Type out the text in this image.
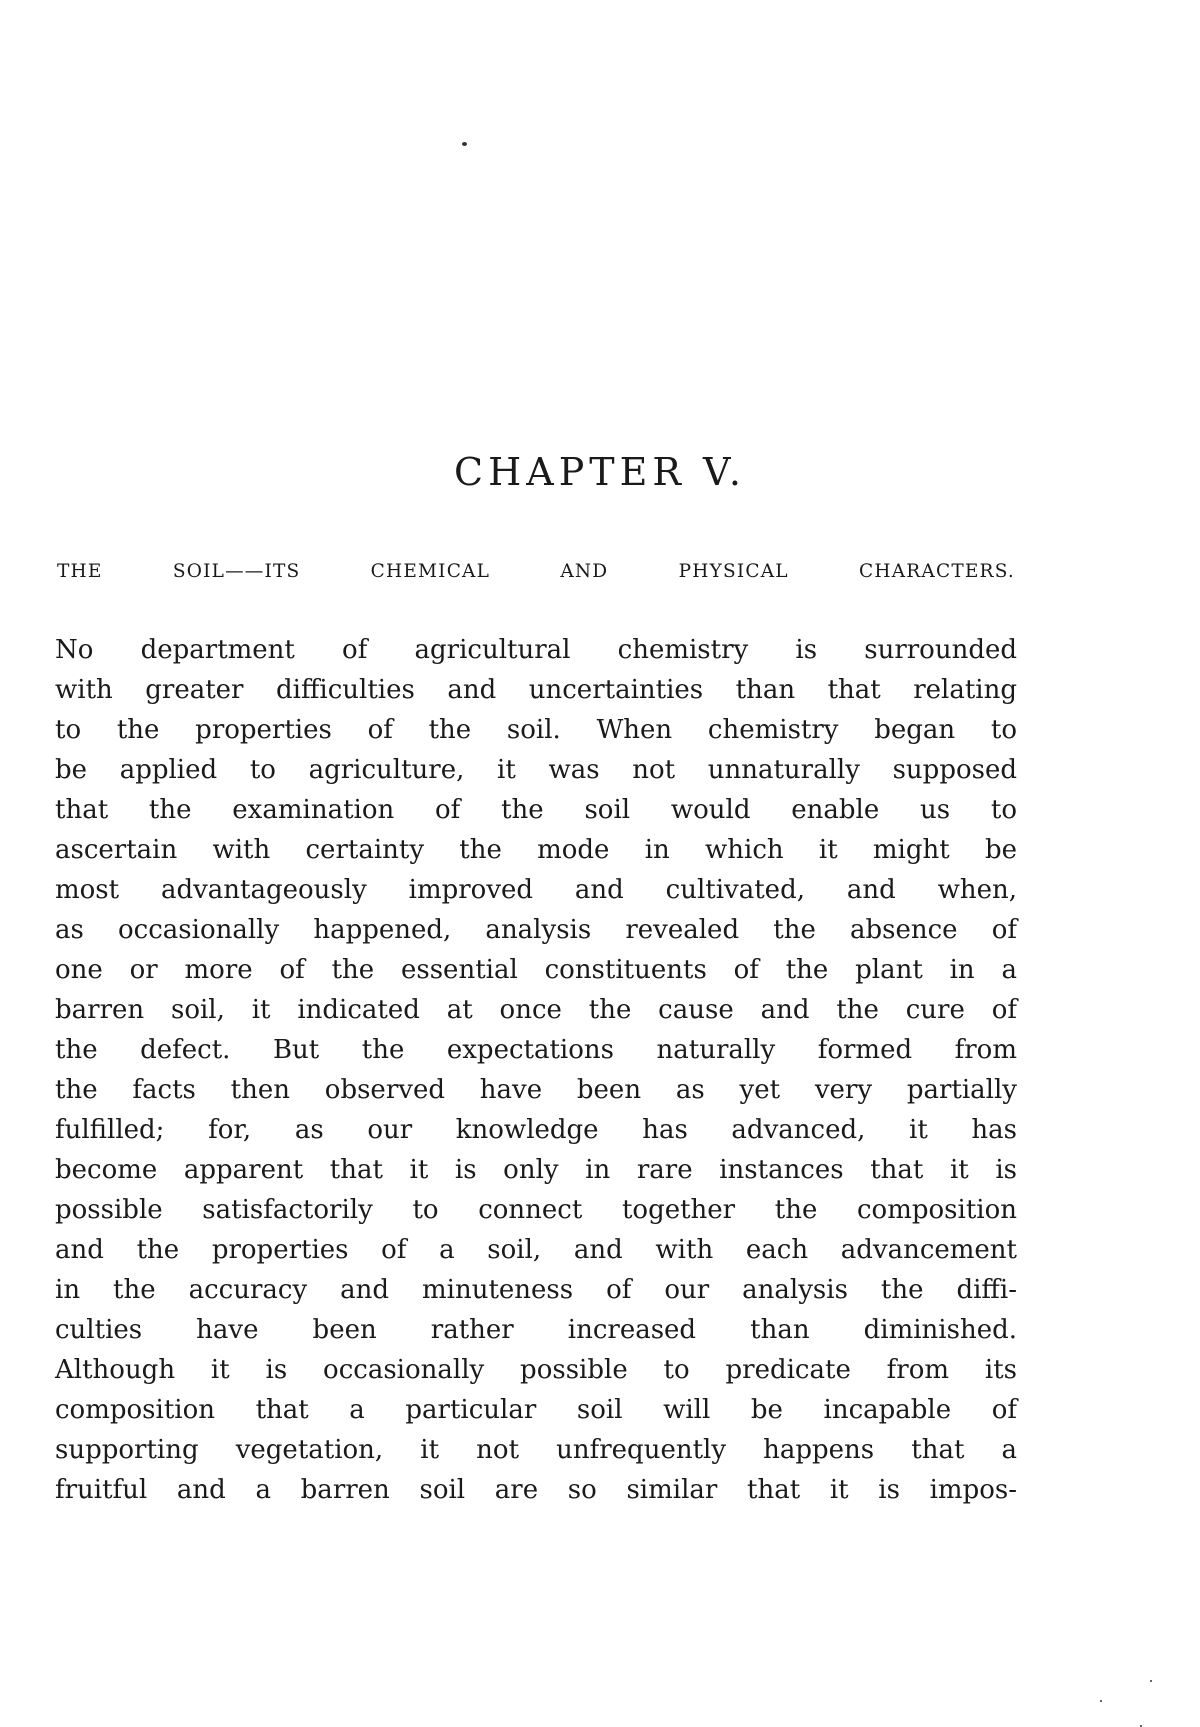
CHAPTER V.
THE SOIL——ITS CHEMICAL AND PHYSICAL CHARACTERS.
No department of agricultural chemistry is surrounded
with greater difficulties and uncertainties than that relating
to the properties of the soil. When chemistry began to
be applied to agriculture, it was not unnaturally supposed
that the examination of the soil would enable us to
ascertain with certainty the mode in which it might be
most advantageously improved and cultivated, and when,
as occasionally happened, analysis revealed the absence of
one or more of the essential constituents of the plant in a
barren soil, it indicated at once the cause and the cure of
the defect. But the expectations naturally formed from
the facts then observed have been as yet very partially
fulfilled; for, as our knowledge has advanced, it has
become apparent that it is only in rare instances that it is
possible satisfactorily to connect together the composition
and the properties of a soil, and with each advancement
in the accuracy and minuteness of our analysis the diffi-
culties have been rather increased than diminished.
Although it is occasionally possible to predicate from its
composition that a particular soil will be incapable of
supporting vegetation, it not unfrequently happens that a
fruitful and a barren soil are so similar that it is impos-
